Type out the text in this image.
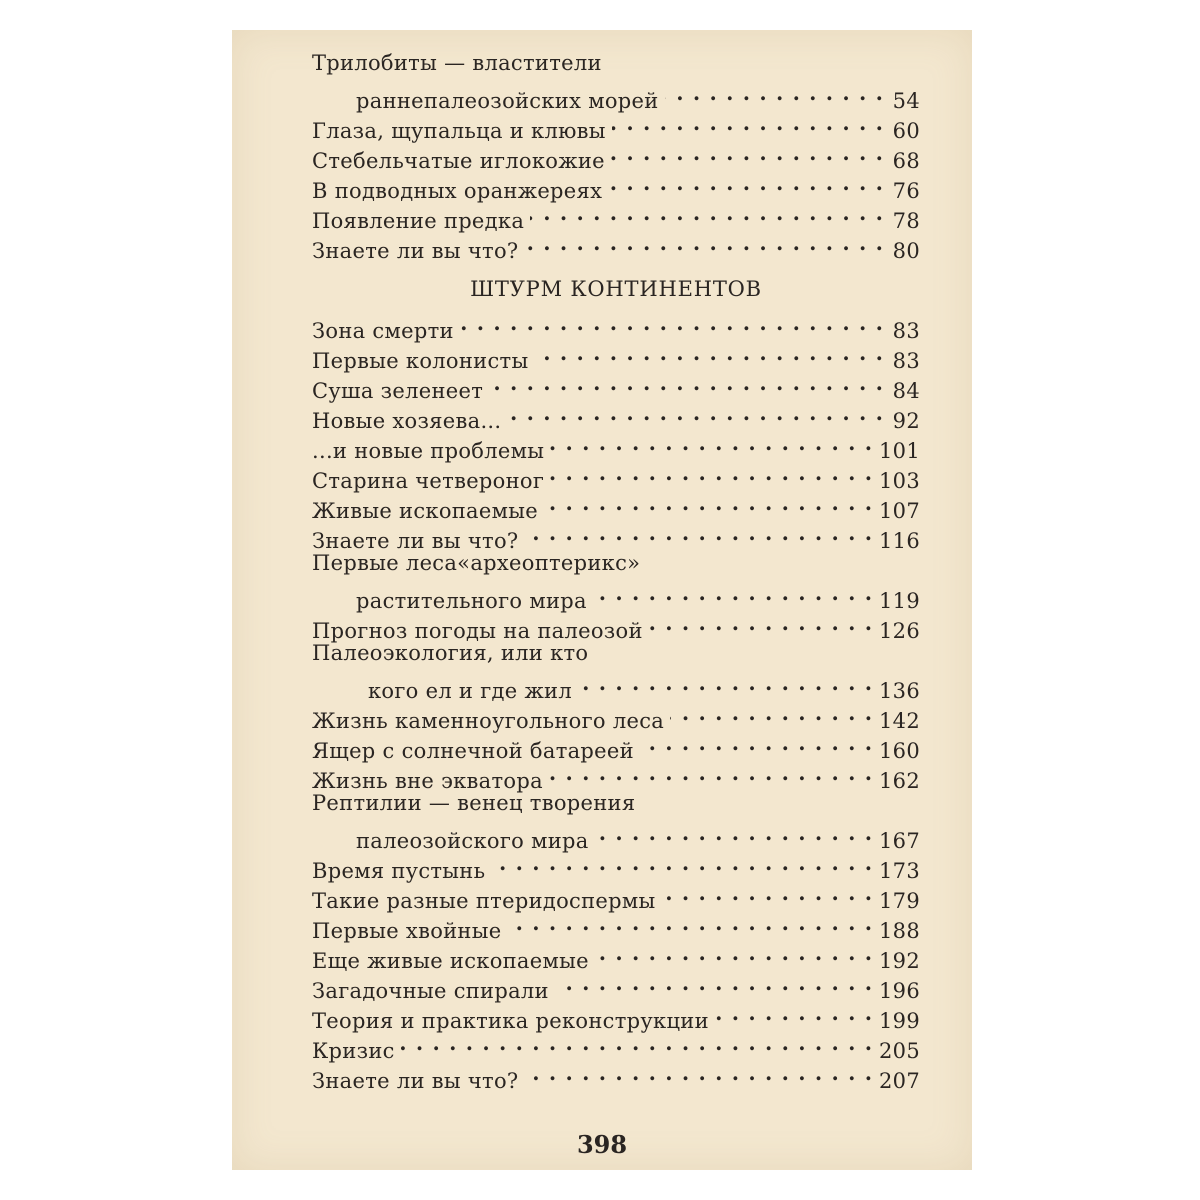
Трилобиты — властители
раннепалеозойских морей . . .	54
Глаза, щупальца и клювы . . .	60
Стебельчатые иглокожие . . .	68
В подводных оранжереях . . .	76
Появление предка . . .	78
Знаете ли вы что? . . .	80
ШТУРМ КОНТИНЕНТОВ
Зона смерти . . .	83
Первые колонисты . . .	83
Суша зеленеет . . .	84
Новые хозяева... . . .	92
...и новые проблемы . . .	101
Старина четвероног . . .	103
Живые ископаемые . . .	107
Знаете ли вы что? . . .	116
Первые леса«археоптерикс»
растительного мира . . .	119
Прогноз погоды на палеозой . . .	126
Палеоэкология, или кто
кого ел и где жил . . .	136
Жизнь каменноугольного леса . . .	142
Ящер с солнечной батареей . . .	160
Жизнь вне экватора . . .	162
Рептилии — венец творения
палеозойского мира . . .	167
Время пустынь . . .	173
Такие разные птеридоспермы . . .	179
Первые хвойные . . .	188
Еще живые ископаемые . . .	192
Загадочные спирали . . .	196
Теория и практика реконструкции . . .	199
Кризис . . .	205
Знаете ли вы что? . . .	207
398
